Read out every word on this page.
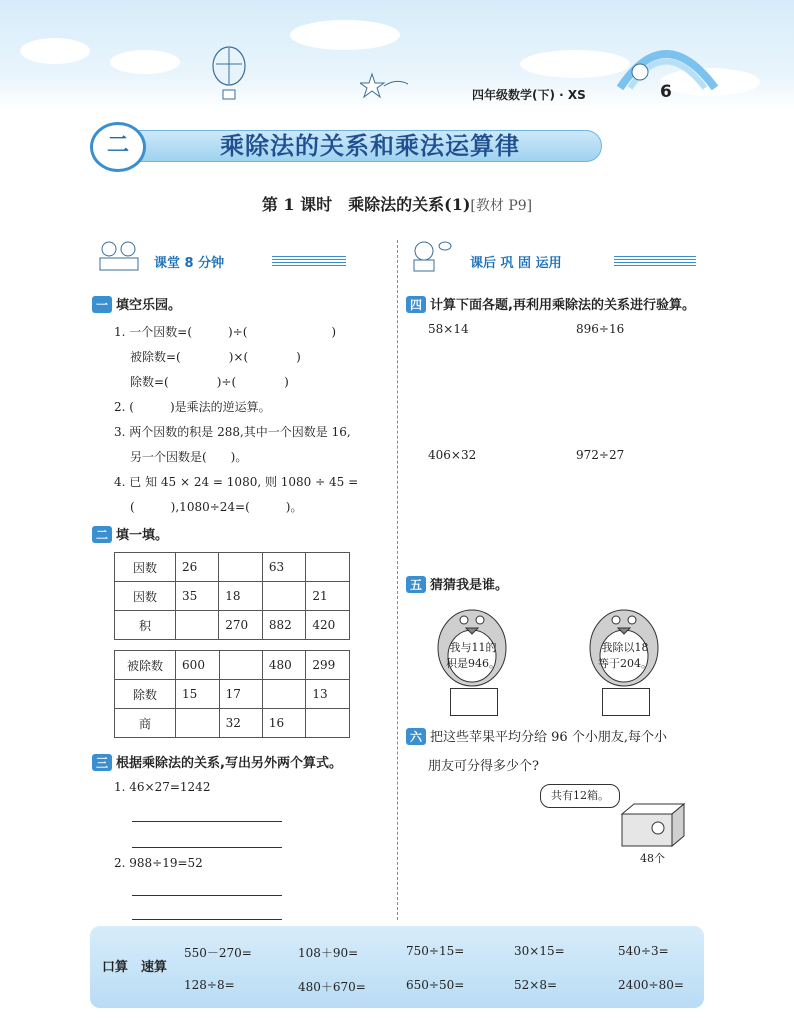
四年级数学(下) · XS	6
二	乘除法的关系和乘法运算律
第 1 课时　乘除法的关系(1)[教材 P9]
课堂 8 分钟	课后 巩 固 运用
一 填空乐园。
1. 一个因数=(　　　)÷(　　　　　　　)
被除数=(　　　　)×(　　　　)
除数=(　　　　)÷(　　　　)
2. (　　　)是乘法的逆运算。
3. 两个因数的积是 288,其中一个因数是 16,
另一个因数是(　　)。
4. 已 知 45 × 24 = 1080, 则 1080 ÷ 45 =
(　　　),1080÷24=(　　　)。
二 填一填。
因数	26		63	
因数	35	18		21
积		270	882	420
被除数	600		480	299
除数	15	17		13
商		32	16	
三 根据乘除法的关系,写出另外两个算式。
1. 46×27=1242
2. 988÷19=52
四 计算下面各题,再利用乘除法的关系进行验算。
58×14	896÷16
406×32	972÷27
五 猜猜我是谁。
我与11的积是946。
我除以18等于204。
六 把这些苹果平均分给 96 个小朋友,每个小
朋友可分得多少个?
共有12箱。
48个
口算　速算
550－270=	108＋90=	750÷15=	30×15=	540÷3=
128÷8=	480＋670=	650÷50=	52×8=	2400÷80=
